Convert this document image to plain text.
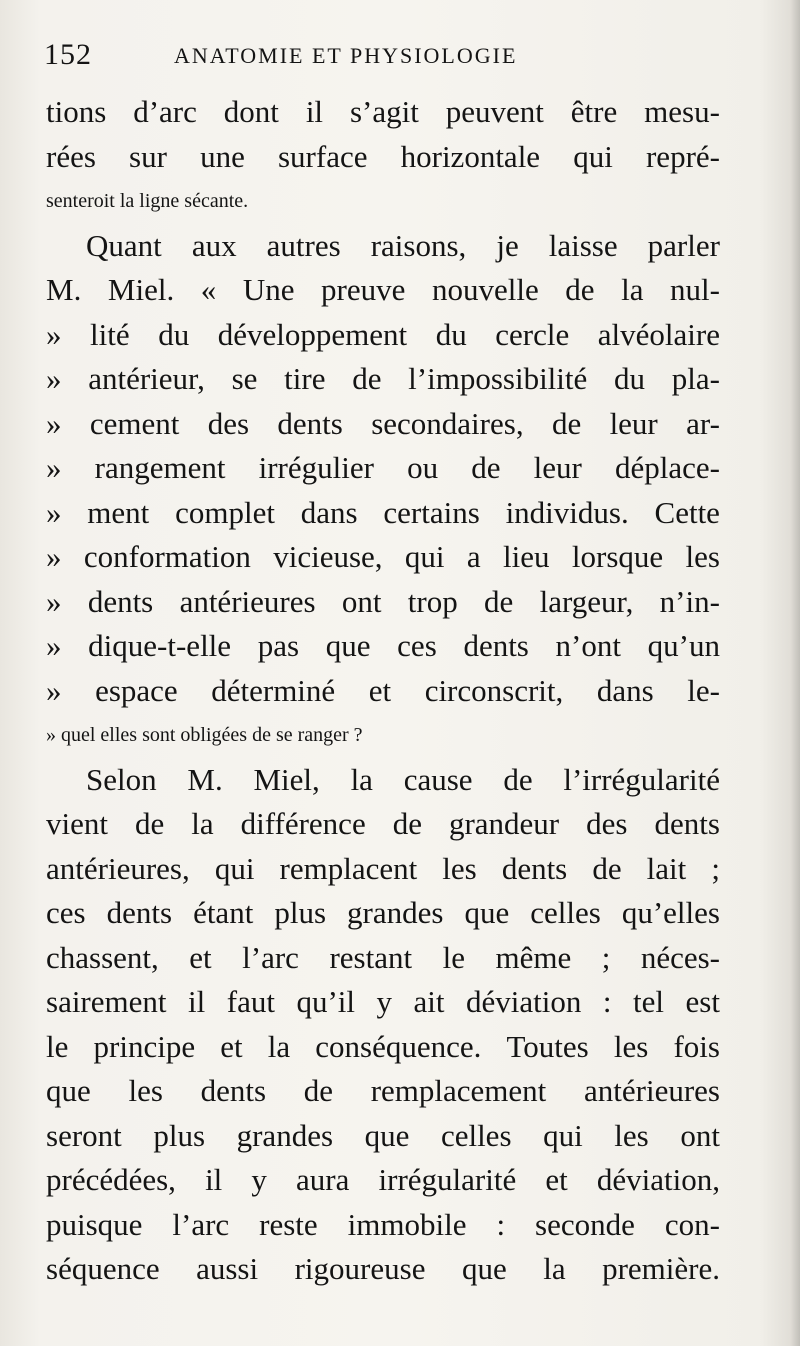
152	ANATOMIE ET PHYSIOLOGIE
tions d’arc dont il s’agit peuvent être mesu-
rées sur une surface horizontale qui repré-
senteroit la ligne sécante.
Quant aux autres raisons, je laisse parler
M. Miel. « Une preuve nouvelle de la nul-
» lité du développement du cercle alvéolaire
» antérieur, se tire de l’impossibilité du pla-
» cement des dents secondaires, de leur ar-
» rangement irrégulier ou de leur déplace-
» ment complet dans certains individus. Cette
» conformation vicieuse, qui a lieu lorsque les
» dents antérieures ont trop de largeur, n’in-
» dique-t-elle pas que ces dents n’ont qu’un
» espace déterminé et circonscrit, dans le-
» quel elles sont obligées de se ranger ?
Selon M. Miel, la cause de l’irrégularité
vient de la différence de grandeur des dents
antérieures, qui remplacent les dents de lait ;
ces dents étant plus grandes que celles qu’elles
chassent, et l’arc restant le même ; néces-
sairement il faut qu’il y ait déviation : tel est
le principe et la conséquence. Toutes les fois
que les dents de remplacement antérieures
seront plus grandes que celles qui les ont
précédées, il y aura irrégularité et déviation,
puisque l’arc reste immobile : seconde con-
séquence aussi rigoureuse que la première.
